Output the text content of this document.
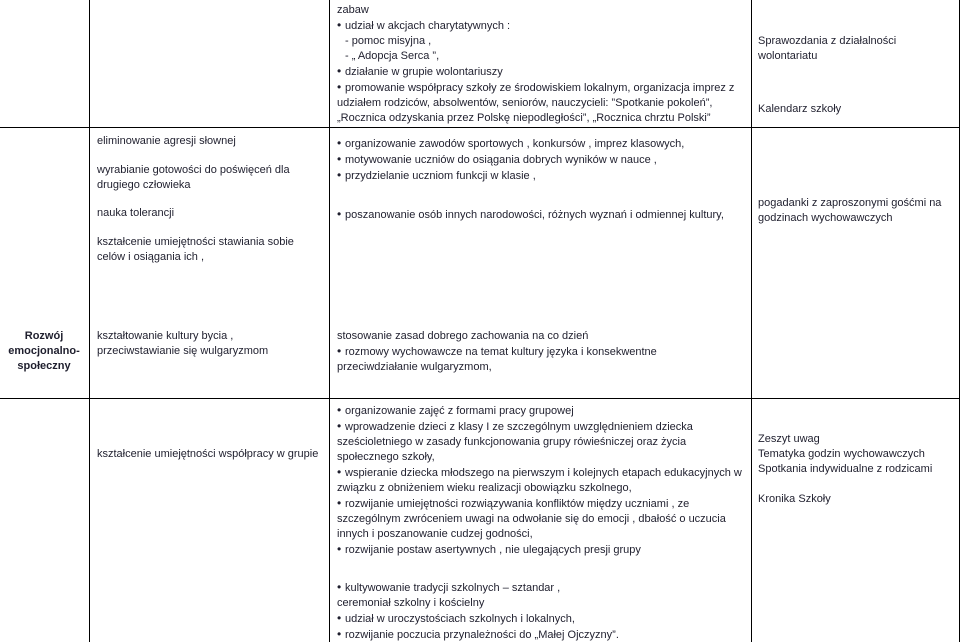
zabaw

• udział w akcjach charytatywnych :

- pomoc misyjna ,

- „ Adopcja Serca ”,

• działanie w grupie wolontariuszy

• promowanie współpracy szkoły ze środowiskiem lokalnym, organizacja imprez z

udziałem rodziców, absolwentów, seniorów, nauczycieli: ”Spotkanie pokoleń”,

„Rocznica odzyskania przez Polskę niepodległości”, „Rocznica chrztu Polski”

Sprawozdania z działalności wolontariatu

Kalendarz szkoły

eliminowanie agresji słownej

wyrabianie gotowości do poświęceń dla drugiego człowieka

nauka tolerancji

kształcenie umiejętności stawiania sobie celów i osiągania ich ,

• organizowanie zawodów sportowych , konkursów , imprez klasowych,

• motywowanie uczniów do osiągania dobrych wyników w nauce ,

• przydzielanie uczniom funkcji w klasie ,

• poszanowanie osób innych narodowości, różnych wyznań i odmiennej kultury,

pogadanki z zaproszonymi gośćmi na godzinach wychowawczych

Rozwój

emocjonalno-

społeczny

kształtowanie kultury bycia ,

przeciwstawianie się wulgaryzmom

stosowanie zasad dobrego zachowania na co dzień

• rozmowy wychowawcze na temat kultury języka i konsekwentne

przeciwdziałanie wulgaryzmom,

kształcenie umiejętności współpracy w grupie

• organizowanie zajęć z formami pracy grupowej

• wprowadzenie dzieci z klasy I ze szczególnym uwzględnieniem dziecka

sześcioletniego w zasady funkcjonowania grupy rówieśniczej oraz życia

społecznego szkoły,

• wspieranie dziecka młodszego na pierwszym i kolejnych etapach edukacyjnych w

związku z obniżeniem wieku realizacji obowiązku szkolnego,

• rozwijanie umiejętności rozwiązywania konfliktów między uczniami , ze

szczególnym zwróceniem uwagi na odwołanie się do emocji , dbałość o uczucia

innych i poszanowanie cudzej godności,

• rozwijanie postaw asertywnych , nie ulegających presji grupy

Zeszyt uwag

Tematyka godzin wychowawczych

Spotkania indywidualne z rodzicami

Kronika Szkoły

• kultywowanie tradycji szkolnych – sztandar ,

ceremoniał szkolny i kościelny

• udział w uroczystościach szkolnych i lokalnych,

• rozwijanie poczucia przynależności do „Małej Ojczyzny”.
